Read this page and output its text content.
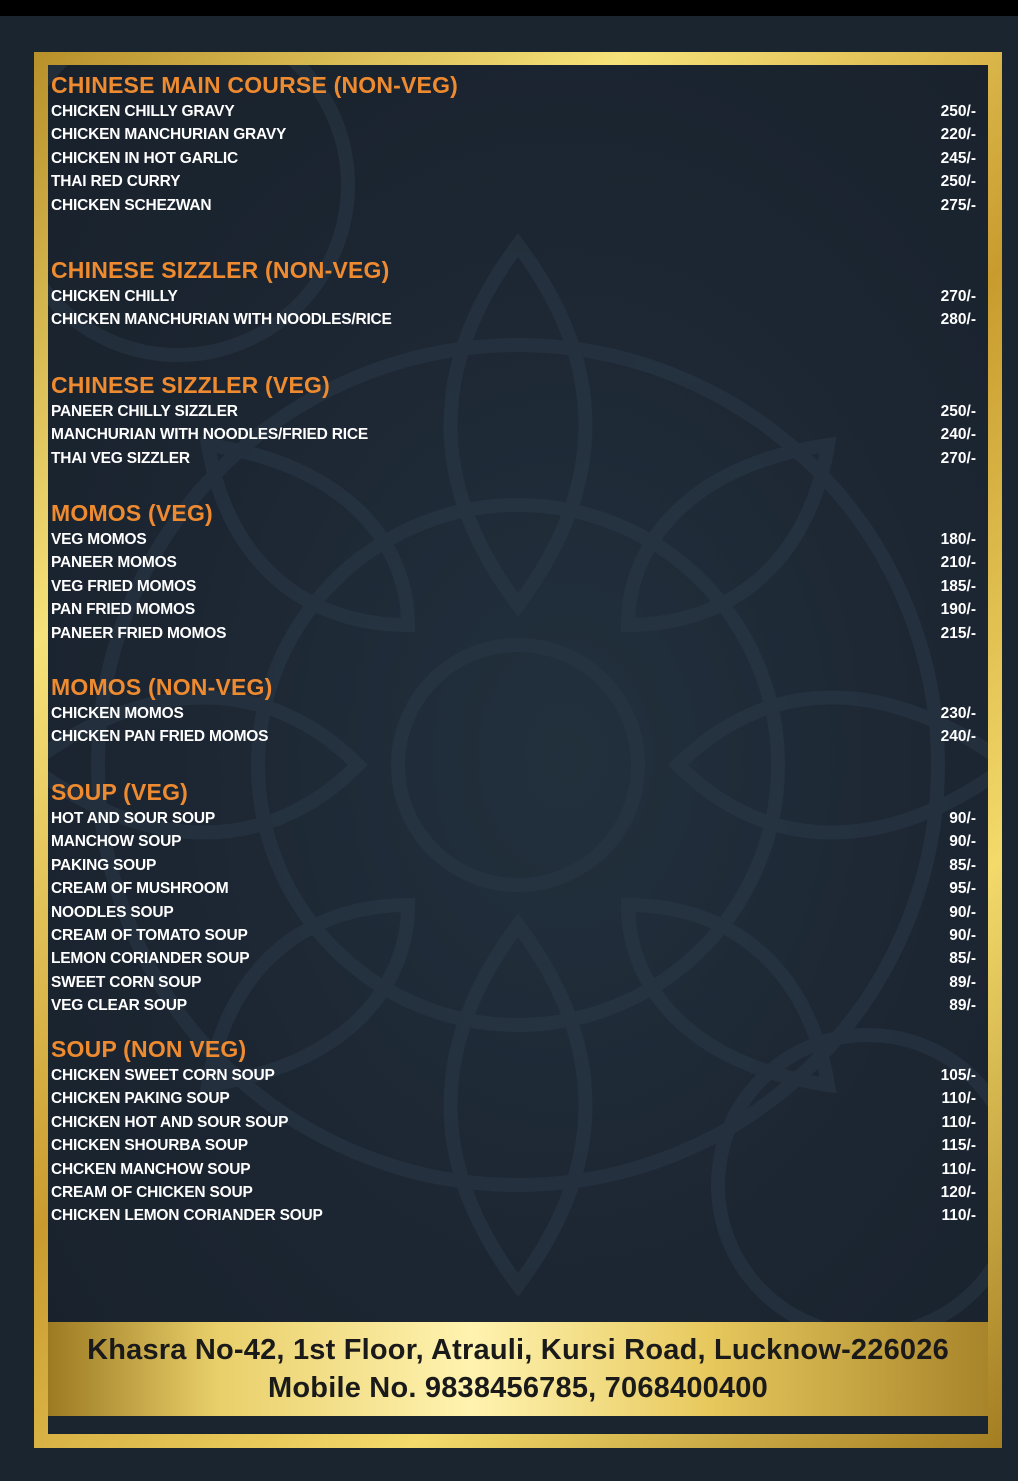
CHINESE MAIN COURSE (NON-VEG)
CHICKEN CHILLY GRAVY	250/-
CHICKEN MANCHURIAN GRAVY	220/-
CHICKEN IN HOT GARLIC	245/-
THAI RED CURRY	250/-
CHICKEN SCHEZWAN	275/-
CHINESE SIZZLER (NON-VEG)
CHICKEN CHILLY	270/-
CHICKEN MANCHURIAN WITH NOODLES/RICE	280/-
CHINESE SIZZLER (VEG)
PANEER CHILLY SIZZLER	250/-
MANCHURIAN WITH NOODLES/FRIED RICE	240/-
THAI VEG SIZZLER	270/-
MOMOS (VEG)
VEG MOMOS	180/-
PANEER MOMOS	210/-
VEG FRIED MOMOS	185/-
PAN FRIED MOMOS	190/-
PANEER FRIED MOMOS	215/-
MOMOS (NON-VEG)
CHICKEN MOMOS	230/-
CHICKEN PAN FRIED MOMOS	240/-
SOUP (VEG)
HOT AND SOUR SOUP	90/-
MANCHOW SOUP	90/-
PAKING SOUP	85/-
CREAM OF MUSHROOM	95/-
NOODLES SOUP	90/-
CREAM OF TOMATO SOUP	90/-
LEMON CORIANDER SOUP	85/-
SWEET CORN SOUP	89/-
VEG CLEAR SOUP	89/-
SOUP (NON VEG)
CHICKEN SWEET CORN SOUP	105/-
CHICKEN PAKING SOUP	110/-
CHICKEN HOT AND SOUR SOUP	110/-
CHICKEN SHOURBA SOUP	115/-
CHCKEN MANCHOW SOUP	110/-
CREAM OF CHICKEN SOUP	120/-
CHICKEN LEMON CORIANDER SOUP	110/-
Khasra No-42, 1st Floor, Atrauli, Kursi Road, Lucknow-226026
Mobile No. 9838456785, 7068400400
